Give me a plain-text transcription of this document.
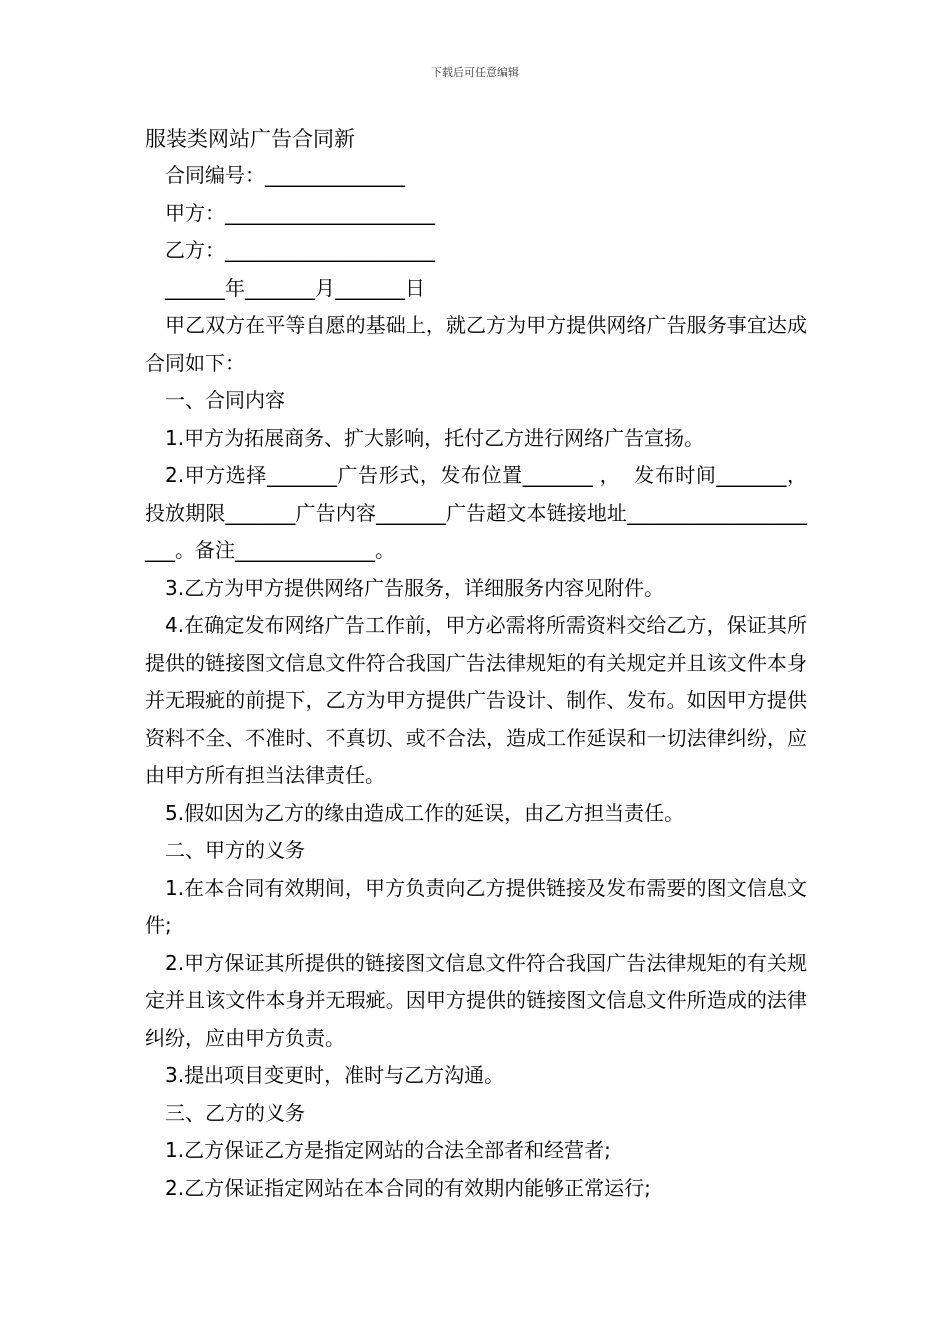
下载后可任意编辑

服装类网站广告合同新

合同编号：______________

甲方：_____________________

乙方：_____________________

______年_______月_______日

甲乙双方在平等自愿的基础上，就乙方为甲方提供网络广告服务事宜达成合同如下：

一、合同内容

1.甲方为拓展商务、扩大影响，托付乙方进行网络广告宣扬。

2.甲方选择_______广告形式，发布位置_______ ，  发布时间_______，投放期限_______广告内容_______广告超文本链接地址_____________________。备注______________。

3.乙方为甲方提供网络广告服务，详细服务内容见附件。

4.在确定发布网络广告工作前，甲方必需将所需资料交给乙方，保证其所提供的链接图文信息文件符合我国广告法律规矩的有关规定并且该文件本身并无瑕疵的前提下，乙方为甲方提供广告设计、制作、发布。如因甲方提供资料不全、不准时、不真切、或不合法，造成工作延误和一切法律纠纷，应由甲方所有担当法律责任。

5.假如因为乙方的缘由造成工作的延误，由乙方担当责任。

二、甲方的义务

1.在本合同有效期间，甲方负责向乙方提供链接及发布需要的图文信息文件;

2.甲方保证其所提供的链接图文信息文件符合我国广告法律规矩的有关规定并且该文件本身并无瑕疵。因甲方提供的链接图文信息文件所造成的法律纠纷，应由甲方负责。

3.提出项目变更时，准时与乙方沟通。

三、乙方的义务

1.乙方保证乙方是指定网站的合法全部者和经营者;

2.乙方保证指定网站在本合同的有效期内能够正常运行;
